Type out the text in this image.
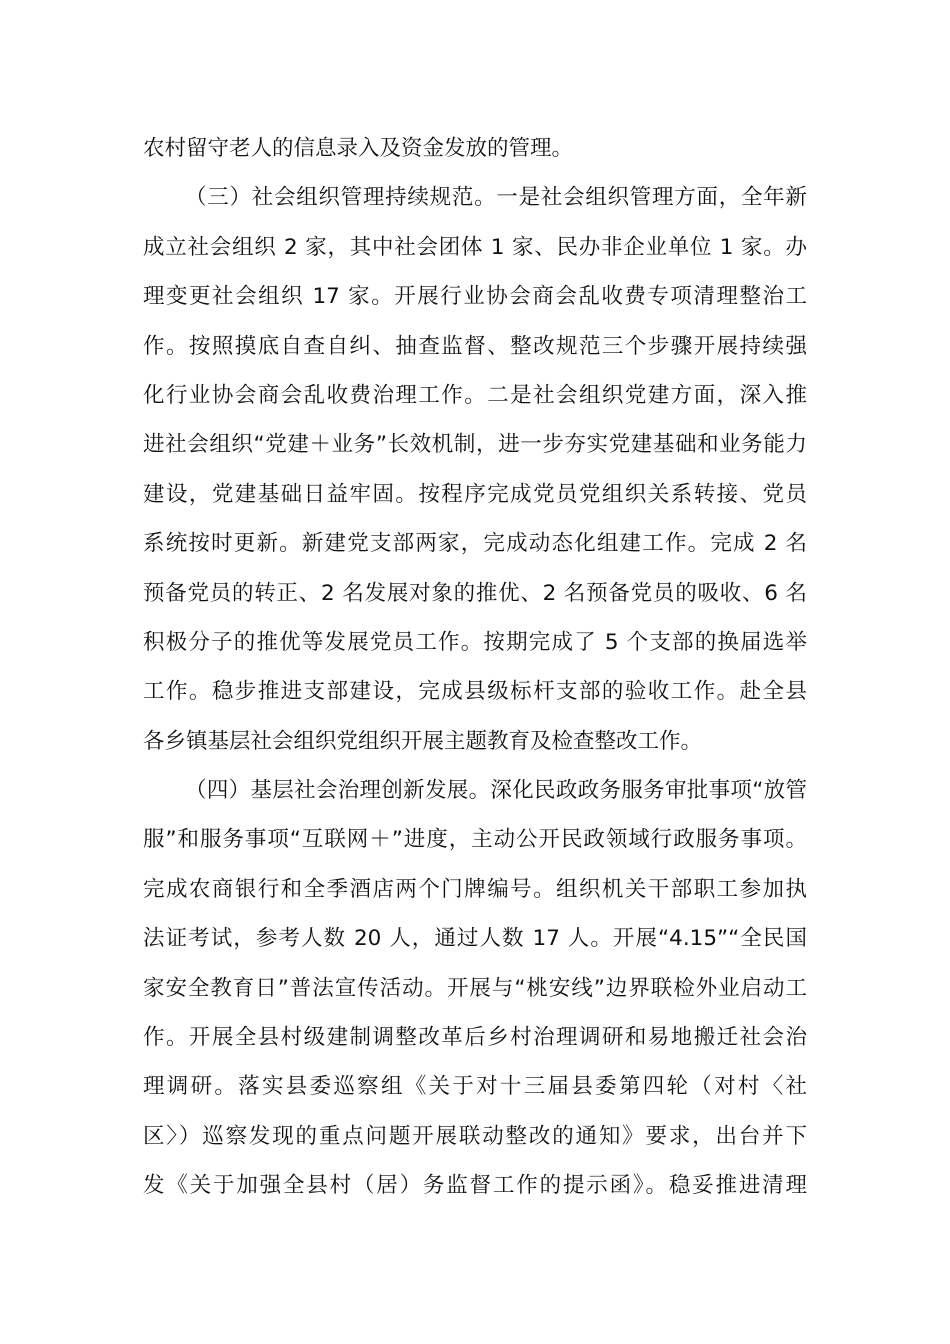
农村留守老人的信息录入及资金发放的管理。
（三）社会组织管理持续规范。一是社会组织管理方面，全年新
成立社会组织 2 家，其中社会团体 1 家、民办非企业单位 1 家。办
理变更社会组织 17 家。开展行业协会商会乱收费专项清理整治工
作。按照摸底自查自纠、抽查监督、整改规范三个步骤开展持续强
化行业协会商会乱收费治理工作。二是社会组织党建方面，深入推
进社会组织“党建＋业务”长效机制，进一步夯实党建基础和业务能力
建设，党建基础日益牢固。按程序完成党员党组织关系转接、党员
系统按时更新。新建党支部两家，完成动态化组建工作。完成 2 名
预备党员的转正、2 名发展对象的推优、2 名预备党员的吸收、6 名
积极分子的推优等发展党员工作。按期完成了 5 个支部的换届选举
工作。稳步推进支部建设，完成县级标杆支部的验收工作。赴全县
各乡镇基层社会组织党组织开展主题教育及检查整改工作。
（四）基层社会治理创新发展。深化民政政务服务审批事项“放管
服”和服务事项“互联网＋”进度，主动公开民政领域行政服务事项。
完成农商银行和全季酒店两个门牌编号。组织机关干部职工参加执
法证考试，参考人数 20 人，通过人数 17 人。开展“4.15”“全民国
家安全教育日”普法宣传活动。开展与“桃安线”边界联检外业启动工
作。开展全县村级建制调整改革后乡村治理调研和易地搬迁社会治
理调研。落实县委巡察组《关于对十三届县委第四轮（对村〈社
区〉）巡察发现的重点问题开展联动整改的通知》要求，出台并下
发《关于加强全县村（居）务监督工作的提示函》。稳妥推进清理
